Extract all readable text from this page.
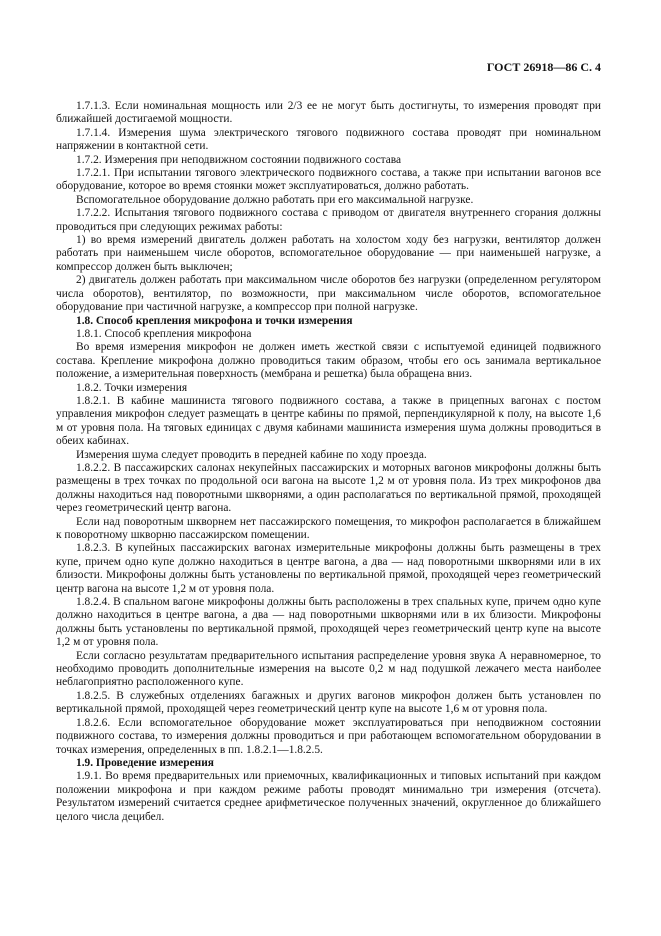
ГОСТ 26918—86 С. 4

1.7.1.3. Если номинальная мощность или 2/3 ее не могут быть достигнуты, то измерения проводят при ближайшей достигаемой мощности.

1.7.1.4. Измерения шума электрического тягового подвижного состава проводят при номинальном напряжении в контактной сети.

1.7.2. Измерения при неподвижном состоянии подвижного состава

1.7.2.1. При испытании тягового электрического подвижного состава, а также при испытании вагонов все оборудование, которое во время стоянки может эксплуатироваться, должно работать.

Вспомогательное оборудование должно работать при его максимальной нагрузке.

1.7.2.2. Испытания тягового подвижного состава с приводом от двигателя внутреннего сгорания должны проводиться при следующих режимах работы:

1) во время измерений двигатель должен работать на холостом ходу без нагрузки, вентилятор должен работать при наименьшем числе оборотов, вспомогательное оборудование — при наименьшей нагрузке, а компрессор должен быть выключен;

2) двигатель должен работать при максимальном числе оборотов без нагрузки (определенном регулятором числа оборотов), вентилятор, по возможности, при максимальном числе оборотов, вспомогательное оборудование при частичной нагрузке, а компрессор при полной нагрузке.

1.8. Способ крепления микрофона и точки измерения

1.8.1. Способ крепления микрофона

Во время измерения микрофон не должен иметь жесткой связи с испытуемой единицей подвижного состава. Крепление микрофона должно проводиться таким образом, чтобы его ось занимала вертикальное положение, а измерительная поверхность (мембрана и решетка) была обращена вниз.

1.8.2. Точки измерения

1.8.2.1. В кабине машиниста тягового подвижного состава, а также в прицепных вагонах с постом управления микрофон следует размещать в центре кабины по прямой, перпендикулярной к полу, на высоте 1,6 м от уровня пола. На тяговых единицах с двумя кабинами машиниста измерения шума должны проводиться в обеих кабинах.

Измерения шума следует проводить в передней кабине по ходу проезда.

1.8.2.2. В пассажирских салонах некупейных пассажирских и моторных вагонов микрофоны должны быть размещены в трех точках по продольной оси вагона на высоте 1,2 м от уровня пола. Из трех микрофонов два должны находиться над поворотными шкворнями, а один располагаться по вертикальной прямой, проходящей через геометрический центр вагона.

Если над поворотным шкворнем нет пассажирского помещения, то микрофон располагается в ближайшем к поворотному шкворню пассажирском помещении.

1.8.2.3. В купейных пассажирских вагонах измерительные микрофоны должны быть размещены в трех купе, причем одно купе должно находиться в центре вагона, а два — над поворотными шкворнями или в их близости. Микрофоны должны быть установлены по вертикальной прямой, проходящей через геометрический центр вагона на высоте 1,2 м от уровня пола.

1.8.2.4. В спальном вагоне микрофоны должны быть расположены в трех спальных купе, причем одно купе должно находиться в центре вагона, а два — над поворотными шкворнями или в их близости. Микрофоны должны быть установлены по вертикальной прямой, проходящей через геометрический центр купе на высоте 1,2 м от уровня пола.

Если согласно результатам предварительного испытания распределение уровня звука А неравномерное, то необходимо проводить дополнительные измерения на высоте 0,2 м над подушкой лежачего места наиболее неблагоприятно расположенного купе.

1.8.2.5. В служебных отделениях багажных и других вагонов микрофон должен быть установлен по вертикальной прямой, проходящей через геометрический центр купе на высоте 1,6 м от уровня пола.

1.8.2.6. Если вспомогательное оборудование может эксплуатироваться при неподвижном состоянии подвижного состава, то измерения должны проводиться и при работающем вспомогательном оборудовании в точках измерения, определенных в пп. 1.8.2.1—1.8.2.5.

1.9. Проведение измерения

1.9.1. Во время предварительных или приемочных, квалификационных и типовых испытаний при каждом положении микрофона и при каждом режиме работы проводят минимально три измерения (отсчета). Результатом измерений считается среднее арифметическое полученных значений, округленное до ближайшего целого числа децибел.
